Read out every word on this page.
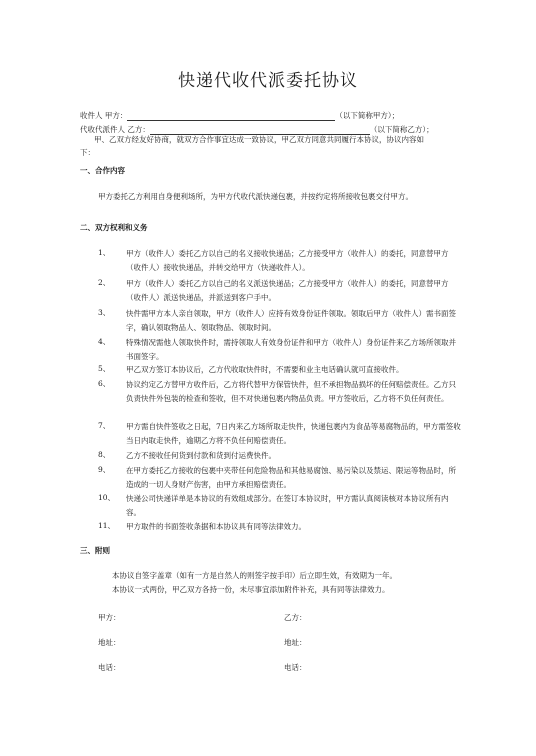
快递代收代派委托协议
收件人 甲方：	（以下简称甲方）；
代收代派件人 乙方：	（以下简称乙方）；
甲、乙双方经友好协商，就双方合作事宜达成一致协议，甲乙双方同意共同履行本协议，协议内容如
下：
一、合作内容
甲方委托乙方利用自身便利场所，为甲方代收代派快递包裹，并按约定将所接收包裹交付甲方。
二、双方权利和义务
1、	甲方（收件人）委托乙方以自己的名义接收快递品；乙方接受甲方（收件人）的委托，同意替甲方（收件人）接收快递品，并转交给甲方（快递收件人）。
2、	甲方（收件人）委托乙方以自己的名义派送快递品；乙方接受甲方（收件人）的委托，同意替甲方（收件人）派送快递品，并派送到客户手中。
3、	快件需甲方本人亲自领取，甲方（收件人）应持有效身份证件领取。领取后甲方（收件人）需书面签字，确认领取物品人、领取物品、领取时间。
4、	特殊情况需他人领取快件时，需持领取人有效身份证件和甲方（收件人）身份证件来乙方场所领取并书面签字。
5、	甲乙双方签订本协议后，乙方代收取快件时，不需要和业主电话确认就可直接收件。
6、	协议约定乙方替甲方收件后，乙方将代替甲方保管快件，但不承担物品损坏的任何赔偿责任。乙方只负责快件外包装的检查和签收，但不对快递包裹内物品负责。甲方签收后，乙方将不负任何责任。
7、	甲方需自快件签收之日起，7日内来乙方场所取走快件，快递包裹内为食品等易腐物品的，甲方需签收当日内取走快件，逾期乙方将不负任何赔偿责任。
8、	乙方不接收任何货到付款和货到付运费快件。
9、	在甲方委托乙方接收的包裹中夹带任何危险物品和其他易腐蚀、易污染以及禁运、限运等物品时，所造成的一切人身财产伤害，由甲方承担赔偿责任。
10、	快递公司快递详单是本协议的有效组成部分。在签订本协议时，甲方需认真阅读核对本协议所有内容。
11、	甲方取件的书面签收条据和本协议具有同等法律效力。
三、附则
本协议自签字盖章（如有一方是自然人的则签字按手印）后立即生效，有效期为一年。
本协议一式两份，甲乙双方各持一份，未尽事宜添加附件补充，具有同等法律效力。
甲方：	乙方：
地址：	地址：
电话：	电话：
